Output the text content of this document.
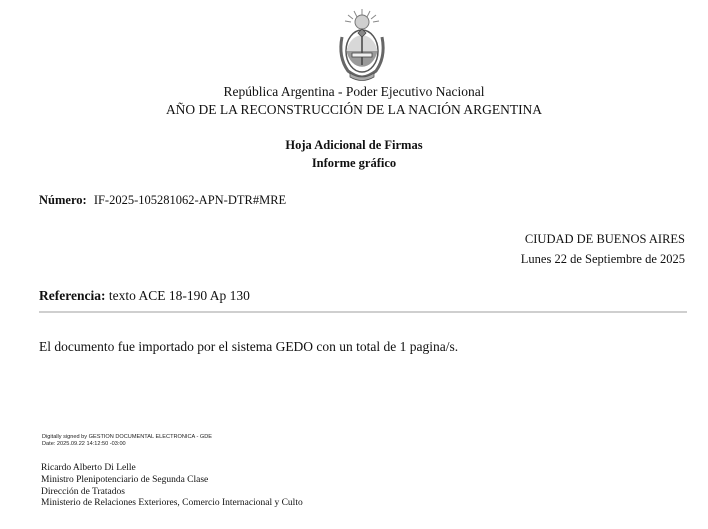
República Argentina - Poder Ejecutivo Nacional
AÑO DE LA RECONSTRUCCIÓN DE LA NACIÓN ARGENTINA
Hoja Adicional de Firmas
Informe gráfico
Número: IF-2025-105281062-APN-DTR#MRE
CIUDAD DE BUENOS AIRES
Lunes 22 de Septiembre de 2025
Referencia: texto ACE 18-190 Ap 130
El documento fue importado por el sistema GEDO con un total de 1 pagina/s.
Digitally signed by GESTION DOCUMENTAL ELECTRONICA - GDE
Date: 2025.09.22 14:12:50 -03:00
Ricardo Alberto Di Lelle
Ministro Plenipotenciario de Segunda Clase
Dirección de Tratados
Ministerio de Relaciones Exteriores, Comercio Internacional y Culto
